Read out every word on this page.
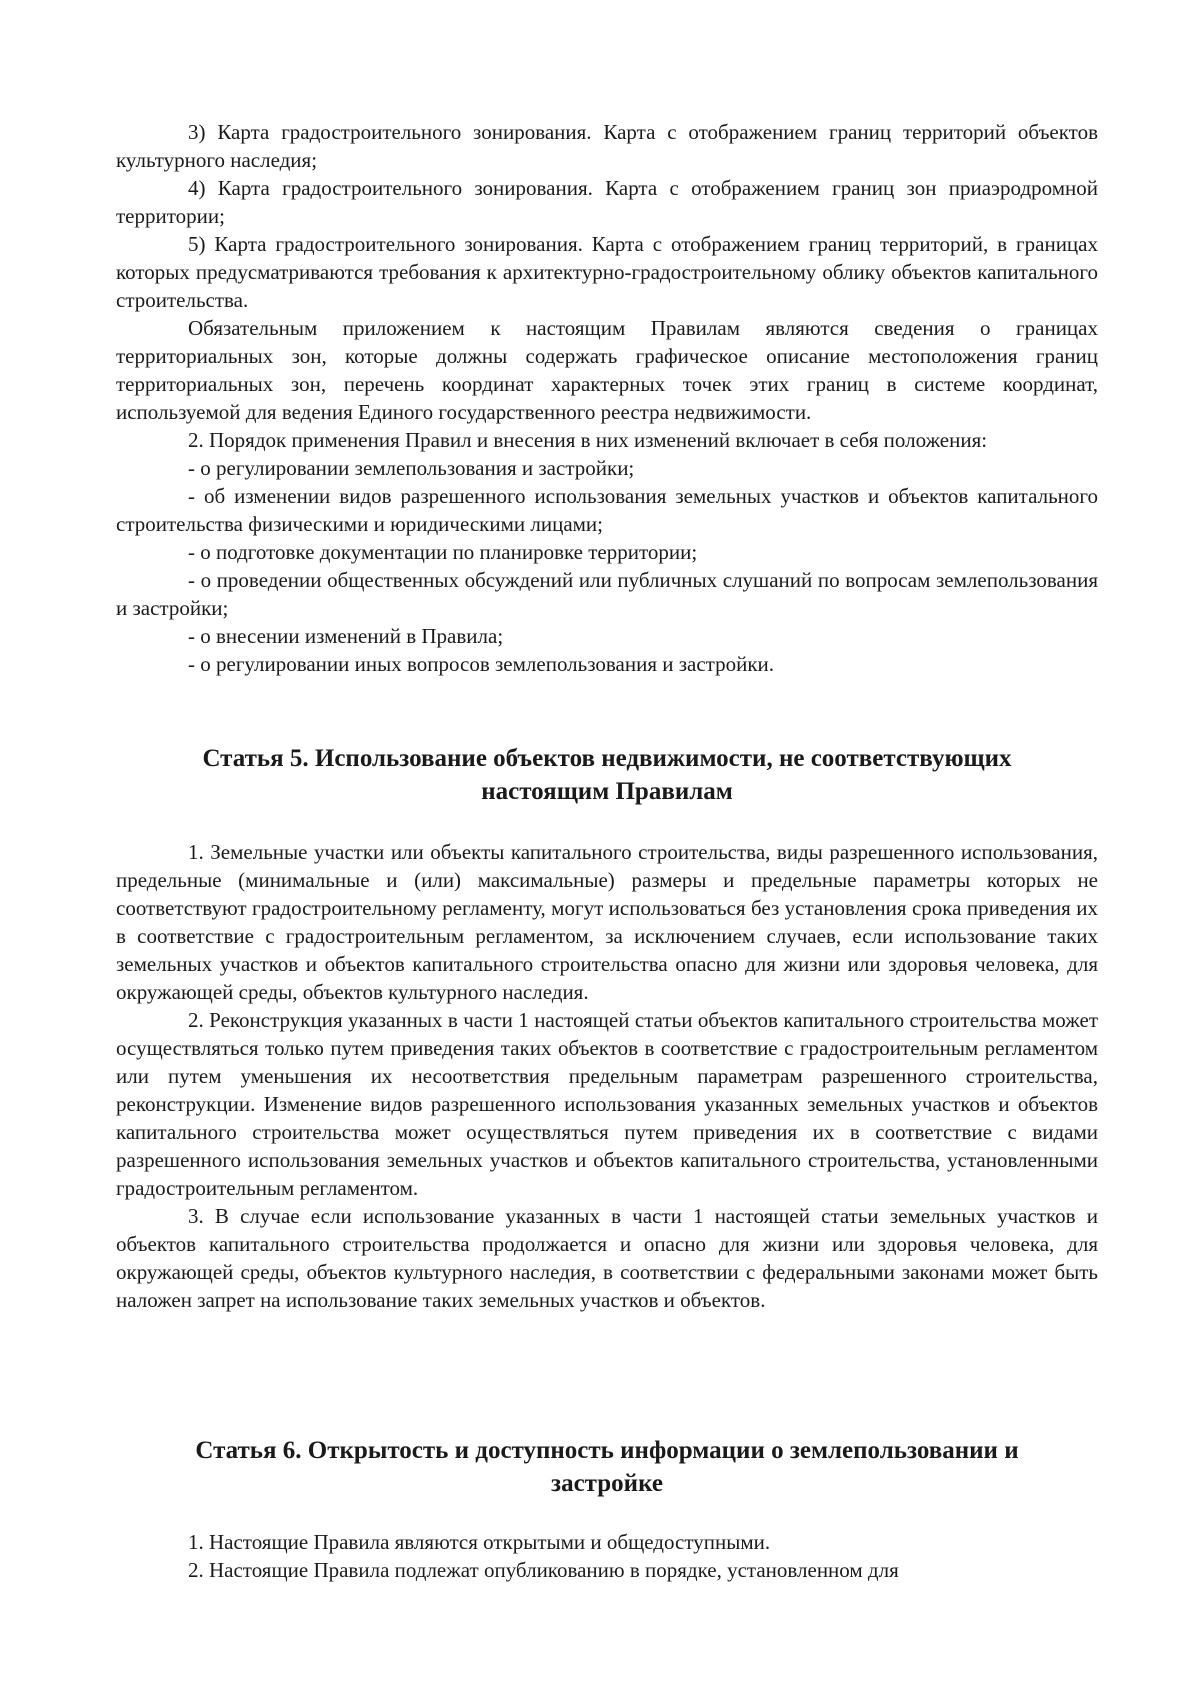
3) Карта градостроительного зонирования. Карта с отображением границ территорий объектов культурного наследия;

4) Карта градостроительного зонирования. Карта с отображением границ зон приаэродромной территории;

5) Карта градостроительного зонирования. Карта с отображением границ территорий, в границах которых предусматриваются требования к архитектурно-градостроительному облику объектов капитального строительства.

Обязательным приложением к настоящим Правилам являются сведения о границах территориальных зон, которые должны содержать графическое описание местоположения границ территориальных зон, перечень координат характерных точек этих границ в системе координат, используемой для ведения Единого государственного реестра недвижимости.

2. Порядок применения Правил и внесения в них изменений включает в себя положения:

- о регулировании землепользования и застройки;

- об изменении видов разрешенного использования земельных участков и объектов капитального строительства физическими и юридическими лицами;

- о подготовке документации по планировке территории;

- о проведении общественных обсуждений или публичных слушаний по вопросам землепользования и застройки;

- о внесении изменений в Правила;

- о регулировании иных вопросов землепользования и застройки.

Статья 5. Использование объектов недвижимости, не соответствующих
настоящим Правилам

1. Земельные участки или объекты капитального строительства, виды разрешенного использования, предельные (минимальные и (или) максимальные) размеры и предельные параметры которых не соответствуют градостроительному регламенту, могут использоваться без установления срока приведения их в соответствие с градостроительным регламентом, за исключением случаев, если использование таких земельных участков и объектов капитального строительства опасно для жизни или здоровья человека, для окружающей среды, объектов культурного наследия.

2. Реконструкция указанных в части 1 настоящей статьи объектов капитального строительства может осуществляться только путем приведения таких объектов в соответствие с градостроительным регламентом или путем уменьшения их несоответствия предельным параметрам разрешенного строительства, реконструкции. Изменение видов разрешенного использования указанных земельных участков и объектов капитального строительства может осуществляться путем приведения их в соответствие с видами разрешенного использования земельных участков и объектов капитального строительства, установленными градостроительным регламентом.

3. В случае если использование указанных в части 1 настоящей статьи земельных участков и объектов капитального строительства продолжается и опасно для жизни или здоровья человека, для окружающей среды, объектов культурного наследия, в соответствии с федеральными законами может быть наложен запрет на использование таких земельных участков и объектов.

Статья 6. Открытость и доступность информации о землепользовании и
застройке

1. Настоящие Правила являются открытыми и общедоступными.

2. Настоящие Правила подлежат опубликованию в порядке, установленном для
